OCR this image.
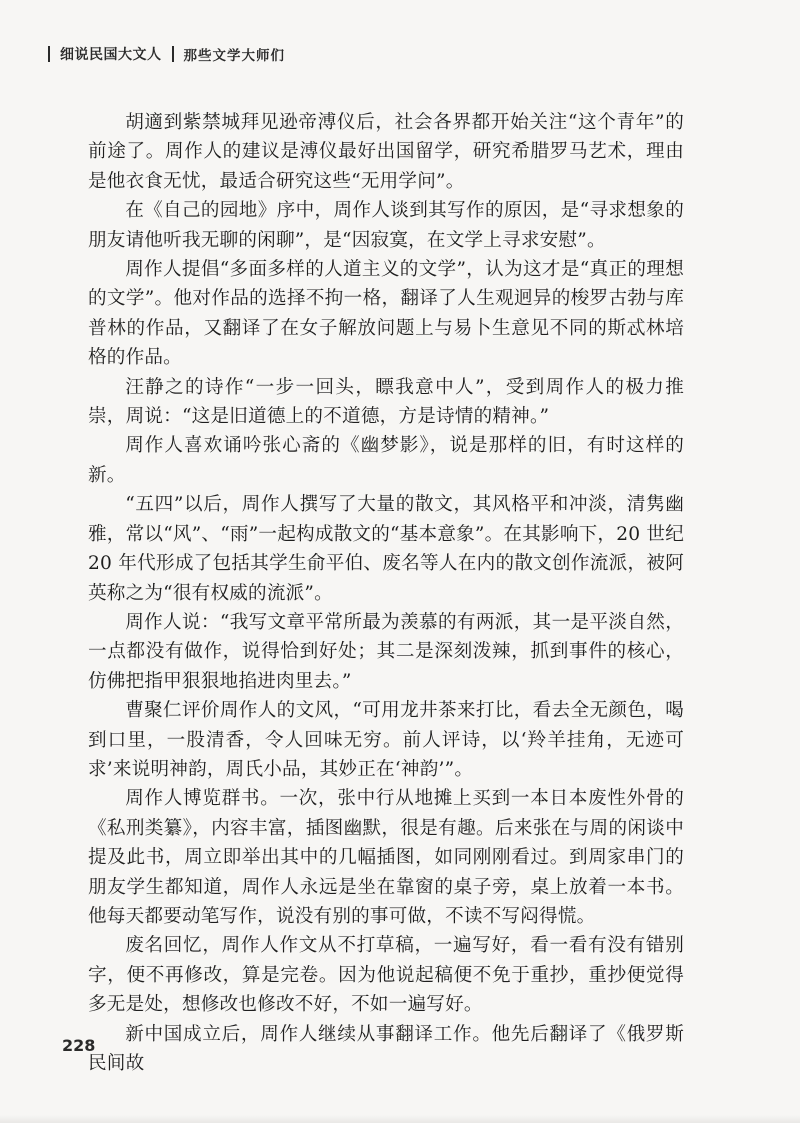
细说民国大文人 那些文学大师们

胡適到紫禁城拜见逊帝溥仪后，社会各界都开始关注“这个青年”的前途了。周作人的建议是溥仪最好出国留学，研究希腊罗马艺术，理由是他衣食无忧，最适合研究这些“无用学问”。

在《自己的园地》序中，周作人谈到其写作的原因，是“寻求想象的朋友请他听我无聊的闲聊”，是“因寂寞，在文学上寻求安慰”。

周作人提倡“多面多样的人道主义的文学”，认为这才是“真正的理想的文学”。他对作品的选择不拘一格，翻译了人生观迥异的梭罗古勃与库普林的作品，又翻译了在女子解放问题上与易卜生意见不同的斯忒林培格的作品。

汪静之的诗作“一步一回头，瞟我意中人”，受到周作人的极力推崇，周说：“这是旧道德上的不道德，方是诗情的精神。”

周作人喜欢诵吟张心斋的《幽梦影》，说是那样的旧，有时这样的新。

“五四”以后，周作人撰写了大量的散文，其风格平和冲淡，清隽幽雅，常以“风”、“雨”一起构成散文的“基本意象”。在其影响下，20 世纪 20 年代形成了包括其学生俞平伯、废名等人在内的散文创作流派，被阿英称之为“很有权威的流派”。

周作人说：“我写文章平常所最为羡慕的有两派，其一是平淡自然，一点都没有做作，说得恰到好处；其二是深刻泼辣，抓到事件的核心，仿佛把指甲狠狠地掐进肉里去。”

曹聚仁评价周作人的文风，“可用龙井茶来打比，看去全无颜色，喝到口里，一股清香，令人回味无穷。前人评诗，以‘羚羊挂角，无迹可求’来说明神韵，周氏小品，其妙正在‘神韵’”。

周作人博览群书。一次，张中行从地摊上买到一本日本废性外骨的《私刑类纂》，内容丰富，插图幽默，很是有趣。后来张在与周的闲谈中提及此书，周立即举出其中的几幅插图，如同刚刚看过。到周家串门的朋友学生都知道，周作人永远是坐在靠窗的桌子旁，桌上放着一本书。他每天都要动笔写作，说没有别的事可做，不读不写闷得慌。

废名回忆，周作人作文从不打草稿，一遍写好，看一看有没有错别字，便不再修改，算是完卷。因为他说起稿便不免于重抄，重抄便觉得多无是处，想修改也修改不好，不如一遍写好。

新中国成立后，周作人继续从事翻译工作。他先后翻译了《俄罗斯民间故

228
